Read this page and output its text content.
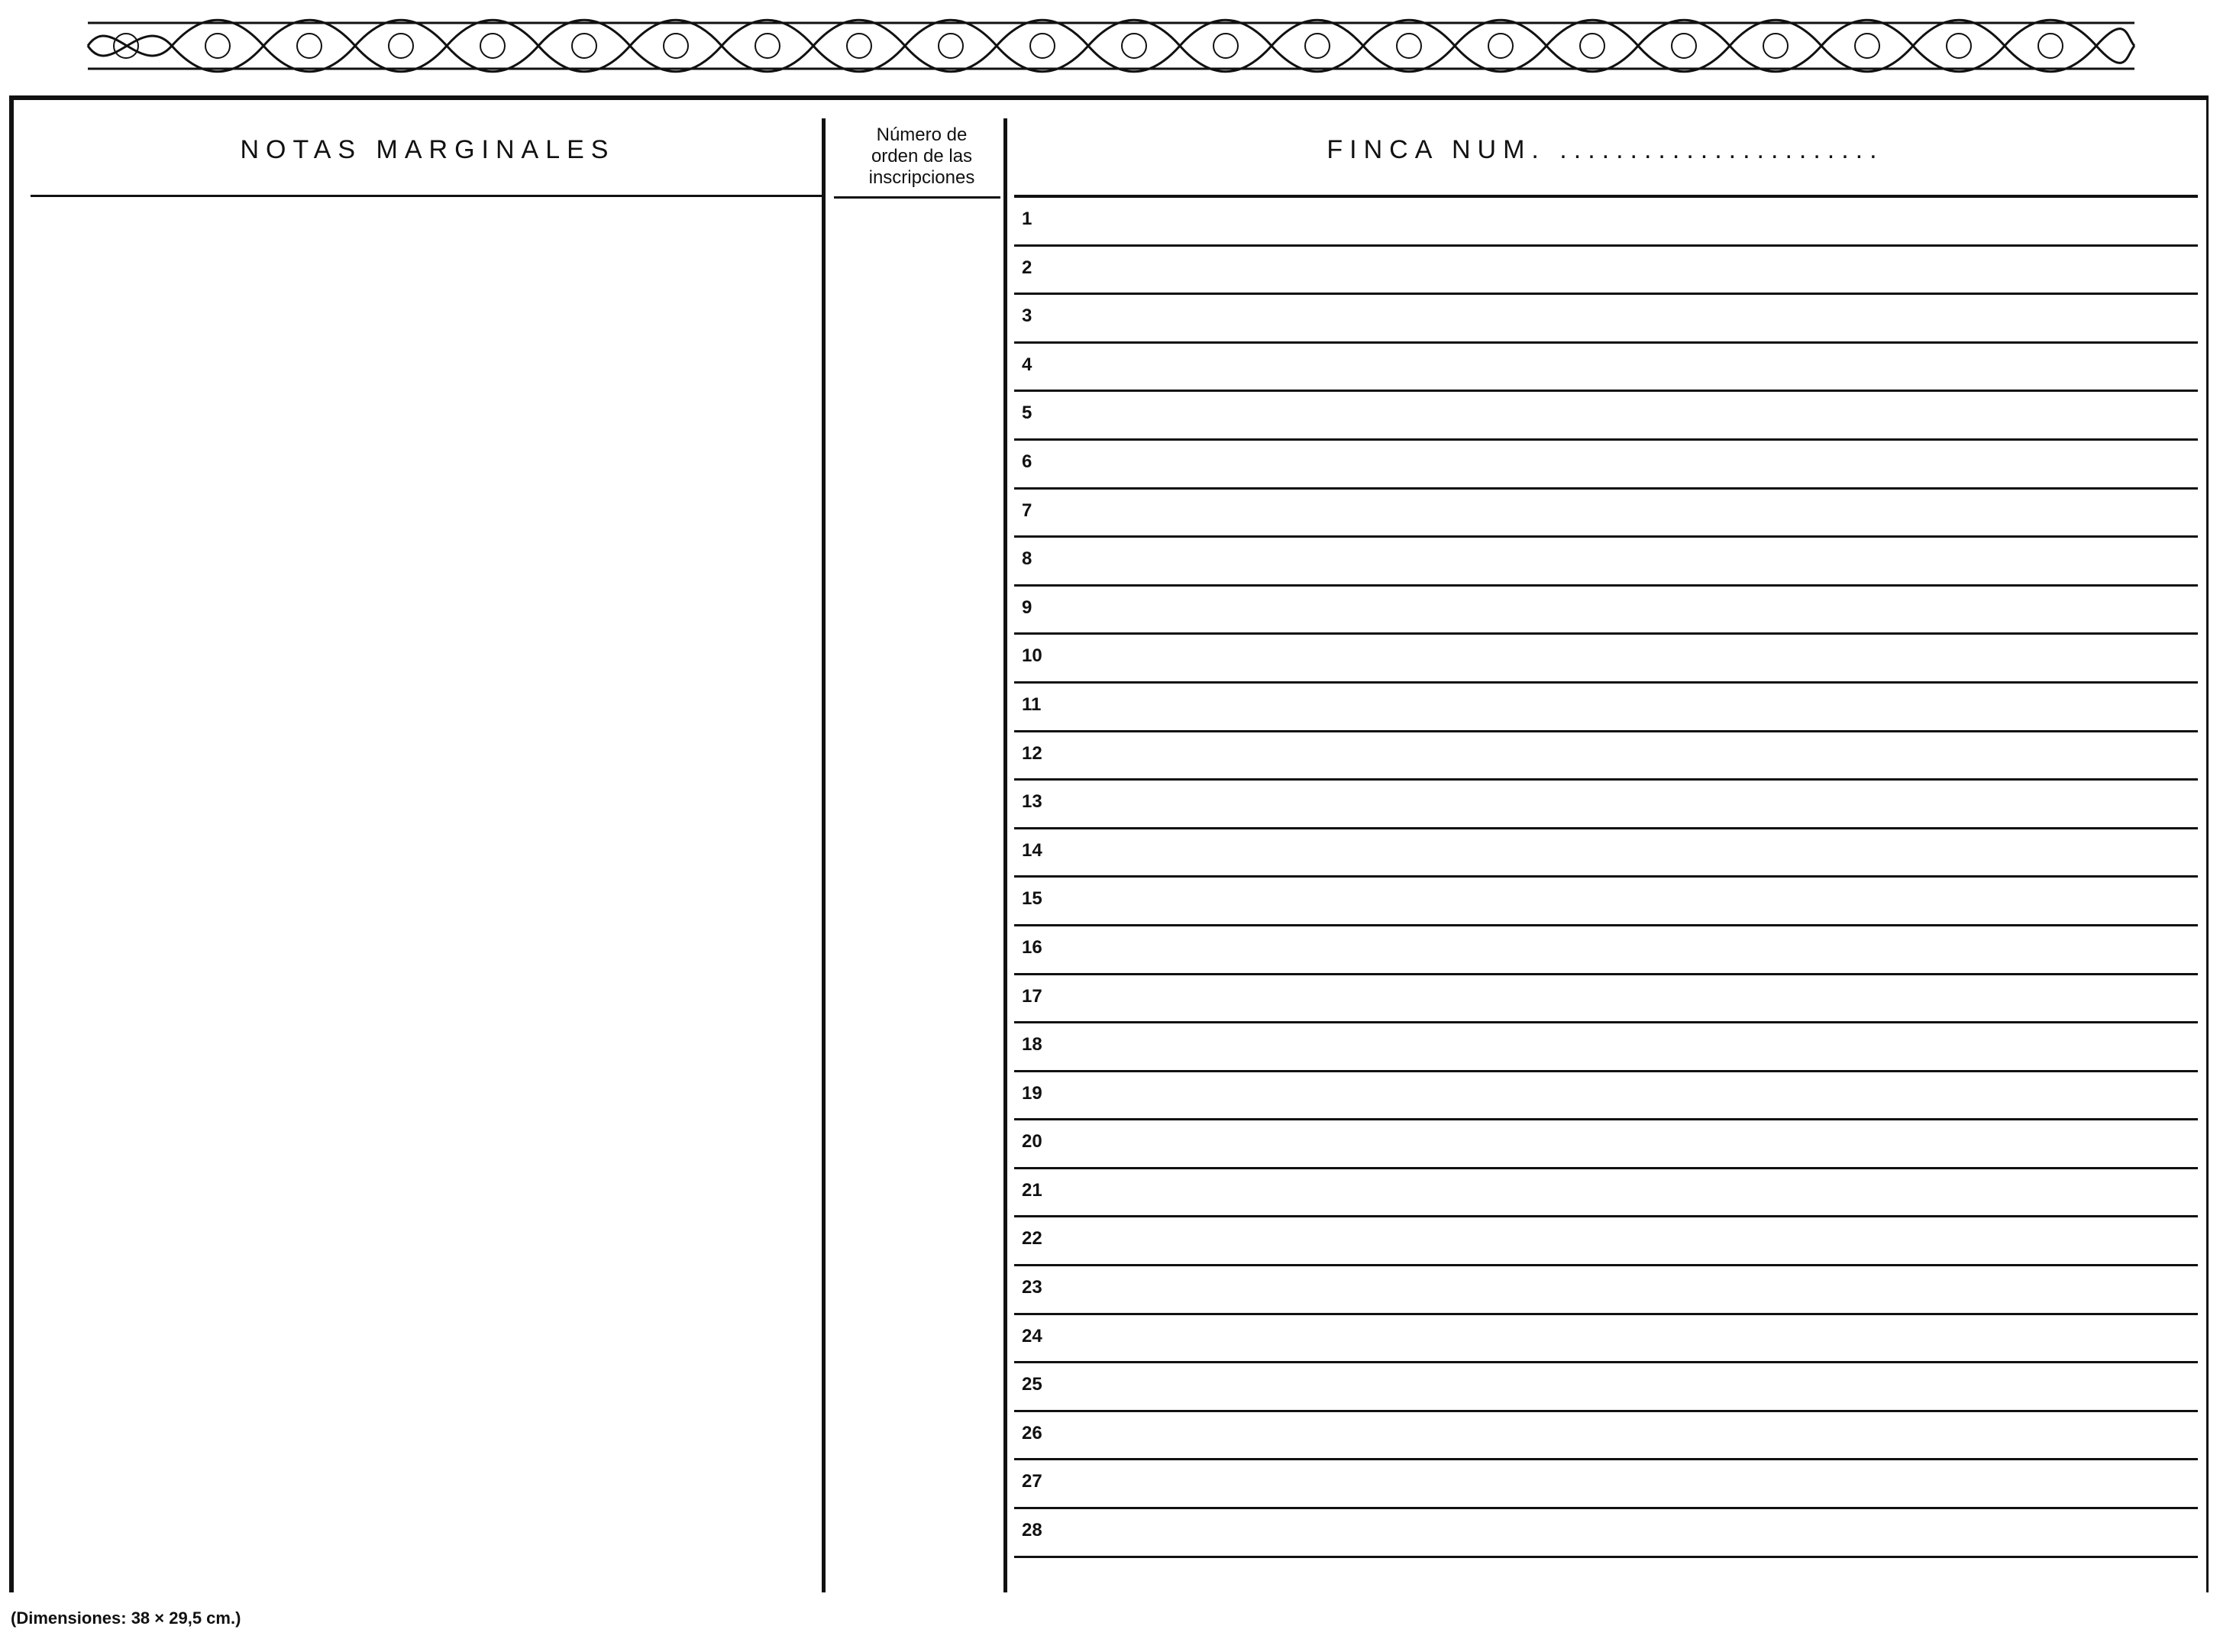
NOTAS MARGINALES
Número de
orden de las
inscripciones
FINCA NUM. .......................
1
2
3
4
5
6
7
8
9
10
11
12
13
14
15
16
17
18
19
20
21
22
23
24
25
26
27
28
(Dimensiones: 38 × 29,5 cm.)
